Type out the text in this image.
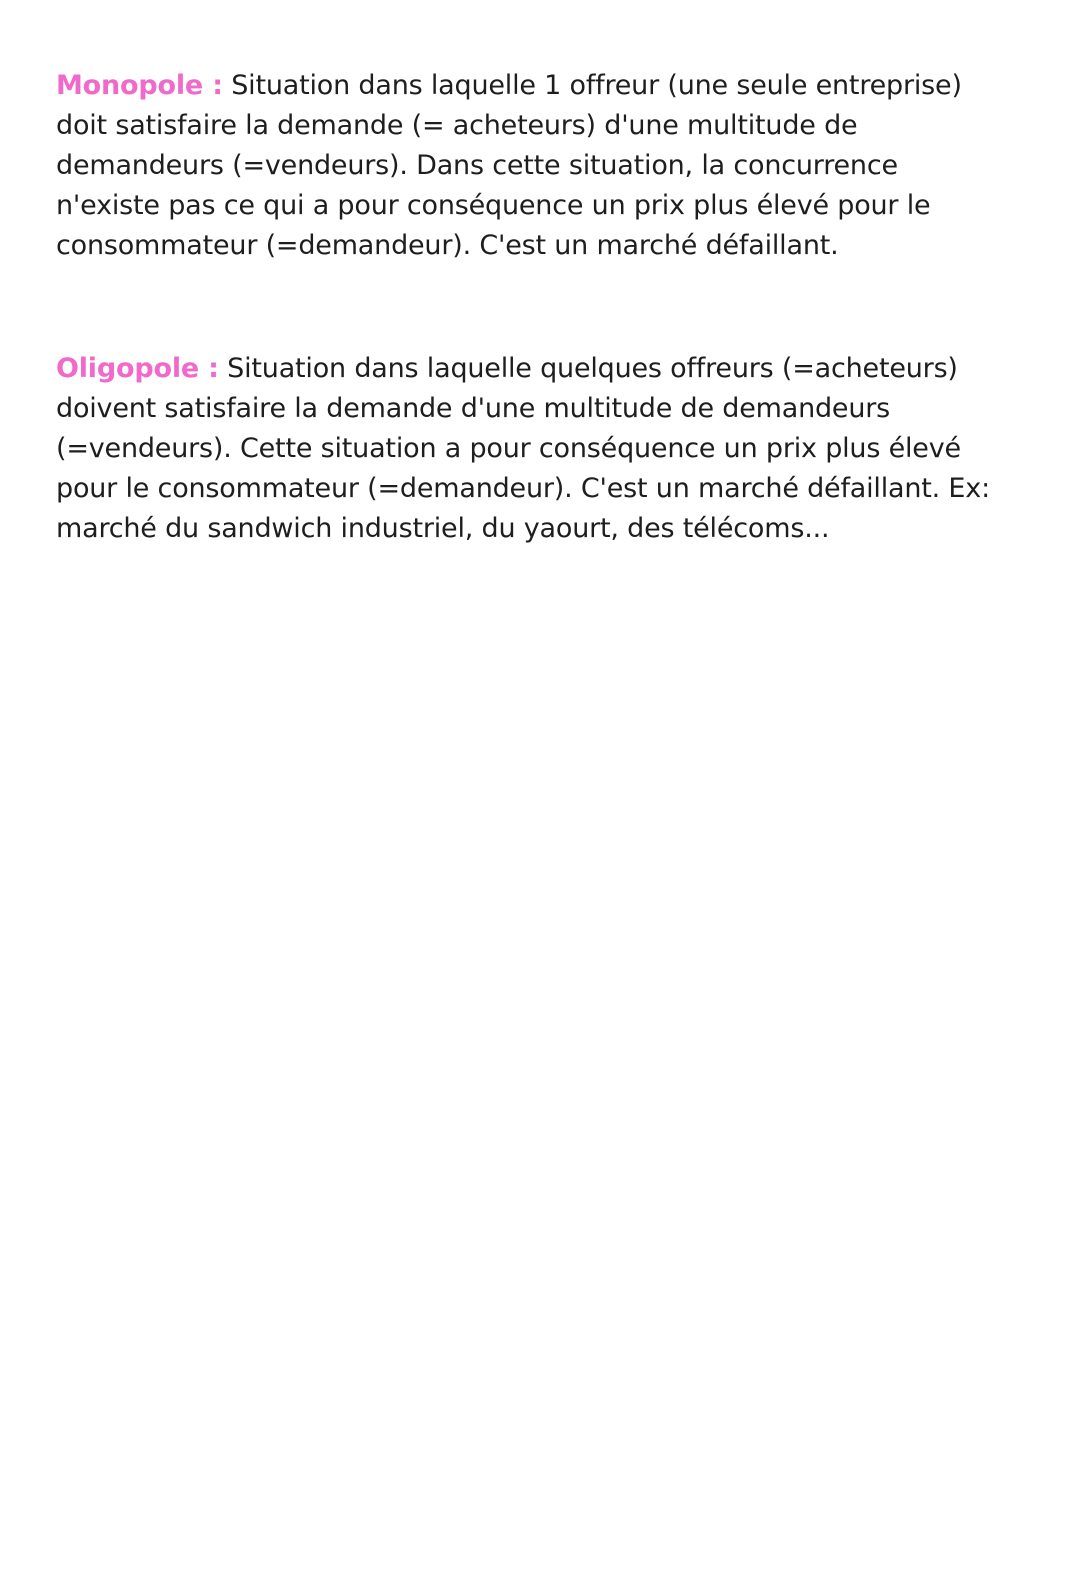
Monopole : Situation dans laquelle 1 offreur (une seule entreprise)
doit satisfaire la demande (= acheteurs) d'une multitude de
demandeurs (=vendeurs). Dans cette situation, la concurrence
n'existe pas ce qui a pour conséquence un prix plus élevé pour le
consommateur (=demandeur). C'est un marché défaillant.

Oligopole : Situation dans laquelle quelques offreurs (=acheteurs)
doivent satisfaire la demande d'une multitude de demandeurs
(=vendeurs). Cette situation a pour conséquence un prix plus élevé
pour le consommateur (=demandeur). C'est un marché défaillant. Ex:
marché du sandwich industriel, du yaourt, des télécoms...
